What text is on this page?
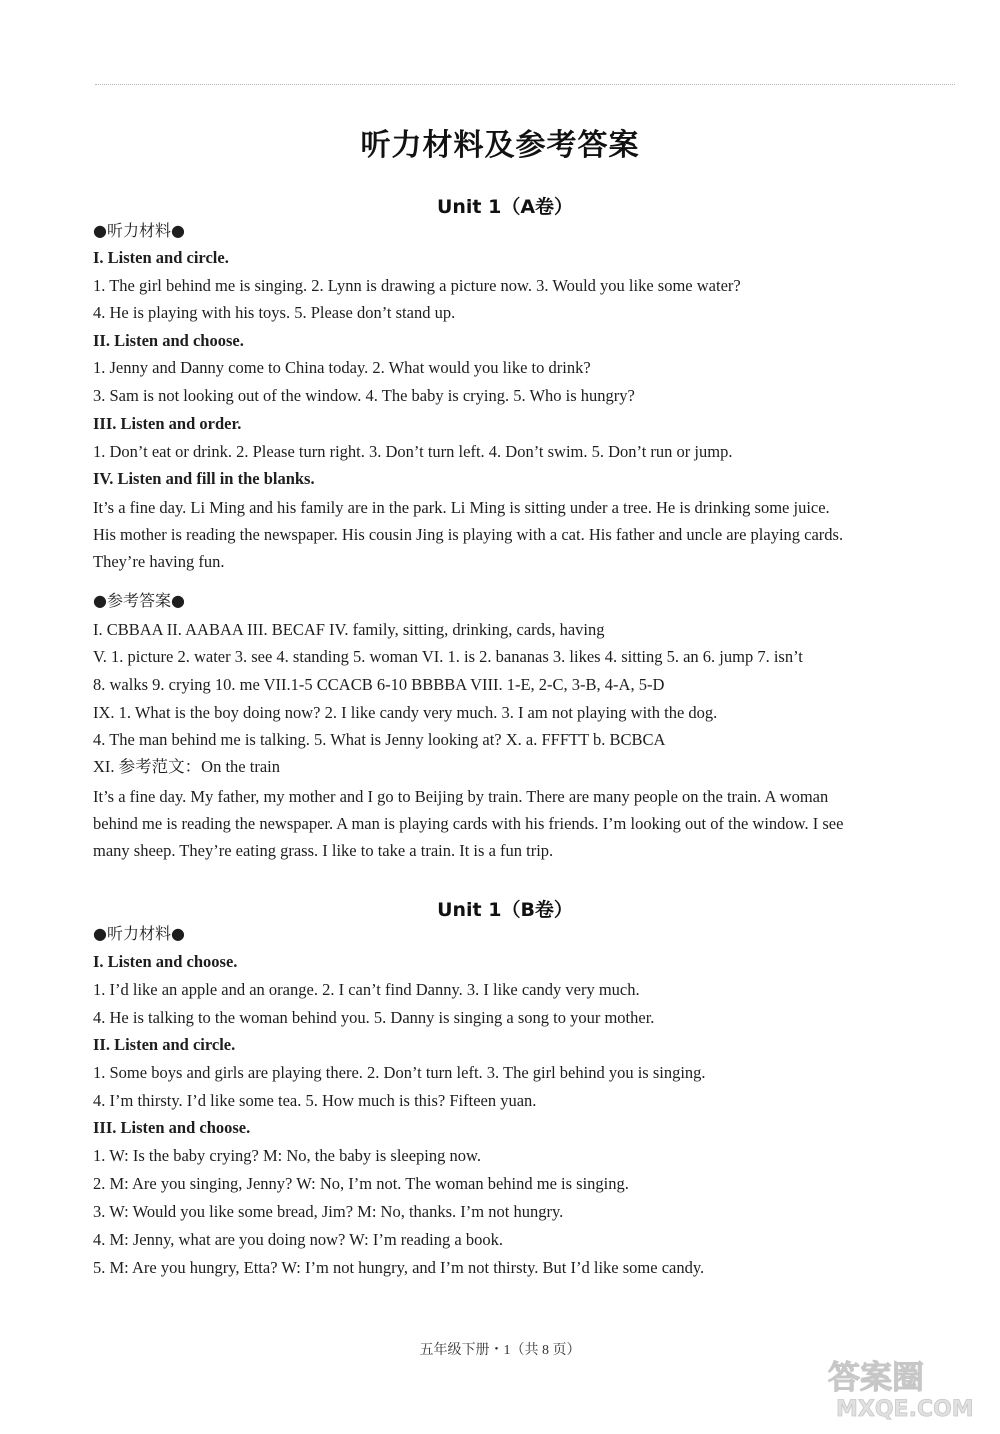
听力材料及参考答案
Unit 1（A卷）
●听力材料●
I. Listen and circle.
1. The girl behind me is singing. 2. Lynn is drawing a picture now. 3. Would you like some water?
4. He is playing with his toys. 5. Please don’t stand up.
II. Listen and choose.
1. Jenny and Danny come to China today. 2. What would you like to drink?
3. Sam is not looking out of the window. 4. The baby is crying. 5. Who is hungry?
III. Listen and order.
1. Don’t eat or drink. 2. Please turn right. 3. Don’t turn left. 4. Don’t swim. 5. Don’t run or jump.
IV. Listen and fill in the blanks.
It’s a fine day. Li Ming and his family are in the park. Li Ming is sitting under a tree. He is drinking some juice.
His mother is reading the newspaper. His cousin Jing is playing with a cat. His father and uncle are playing cards.
They’re having fun.
●参考答案●
I. CBBAA II. AABAA III. BECAF IV. family, sitting, drinking, cards, having
V. 1. picture 2. water 3. see 4. standing 5. woman VI. 1. is 2. bananas 3. likes 4. sitting 5. an 6. jump 7. isn’t
8. walks 9. crying 10. me VII.1-5 CCACB 6-10 BBBBA VIII. 1-E, 2-C, 3-B, 4-A, 5-D
IX. 1. What is the boy doing now? 2. I like candy very much. 3. I am not playing with the dog.
4. The man behind me is talking. 5. What is Jenny looking at? X. a. FFFTT b. BCBCA
XI. 参考范文：On the train
It’s a fine day. My father, my mother and I go to Beijing by train. There are many people on the train. A woman
behind me is reading the newspaper. A man is playing cards with his friends. I’m looking out of the window. I see
many sheep. They’re eating grass. I like to take a train. It is a fun trip.
Unit 1（B卷）
●听力材料●
I. Listen and choose.
1. I’d like an apple and an orange. 2. I can’t find Danny. 3. I like candy very much.
4. He is talking to the woman behind you. 5. Danny is singing a song to your mother.
II. Listen and circle.
1. Some boys and girls are playing there. 2. Don’t turn left. 3. The girl behind you is singing.
4. I’m thirsty. I’d like some tea. 5. How much is this? Fifteen yuan.
III. Listen and choose.
1. W: Is the baby crying? M: No, the baby is sleeping now.
2. M: Are you singing, Jenny? W: No, I’m not. The woman behind me is singing.
3. W: Would you like some bread, Jim? M: No, thanks. I’m not hungry.
4. M: Jenny, what are you doing now? W: I’m reading a book.
5. M: Are you hungry, Etta? W: I’m not hungry, and I’m not thirsty. But I’d like some candy.
五年级下册・1（共 8 页）
答案圈
MXQE.COM
